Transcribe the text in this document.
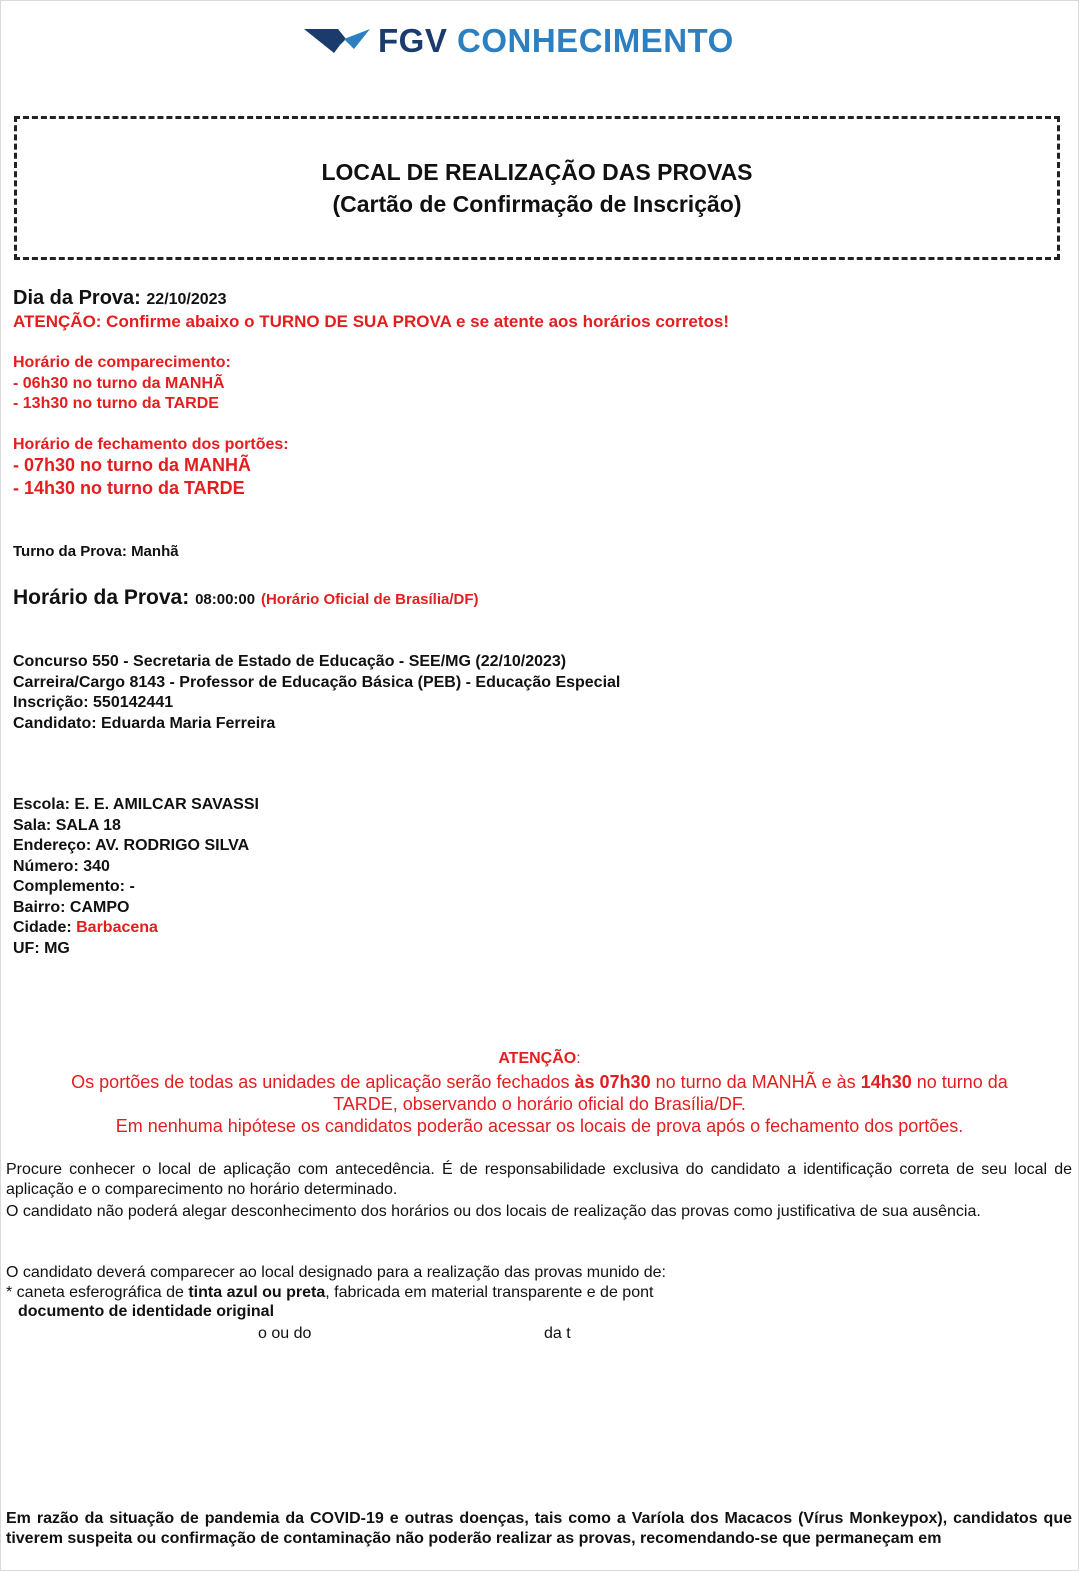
FGV CONHECIMENTO
LOCAL DE REALIZAÇÃO DAS PROVAS
(Cartão de Confirmação de Inscrição)
Dia da Prova: 22/10/2023
ATENÇÃO: Confirme abaixo o TURNO DE SUA PROVA e se atente aos horários corretos!
Horário de comparecimento:
- 06h30 no turno da MANHÃ
- 13h30 no turno da TARDE
Horário de fechamento dos portões:
- 07h30 no turno da MANHÃ
- 14h30 no turno da TARDE
Turno da Prova: Manhã
Horário da Prova: 08:00:00 (Horário Oficial de Brasília/DF)
Concurso 550 - Secretaria de Estado de Educação - SEE/MG (22/10/2023)
Carreira/Cargo 8143 - Professor de Educação Básica (PEB) - Educação Especial
Inscrição: 550142441
Candidato: Eduarda Maria Ferreira
Escola: E. E. AMILCAR SAVASSI
Sala: SALA 18
Endereço: AV. RODRIGO SILVA
Número: 340
Complemento: -
Bairro: CAMPO
Cidade: Barbacena
UF: MG
ATENÇÃO:
Os portões de todas as unidades de aplicação serão fechados às 07h30 no turno da MANHÃ e às 14h30 no turno da
TARDE, observando o horário oficial do Brasília/DF.
Em nenhuma hipótese os candidatos poderão acessar os locais de prova após o fechamento dos portões.
Procure conhecer o local de aplicação com antecedência. É de responsabilidade exclusiva do candidato a identificação correta de seu local de aplicação e o comparecimento no horário determinado.
O candidato não poderá alegar desconhecimento dos horários ou dos locais de realização das provas como justificativa de sua ausência.
O candidato deverá comparecer ao local designado para a realização das provas munido de:
* caneta esferográfica de tinta azul ou preta, fabricada em material transparente e de pont
documento de identidade original
o ou do	da t
Em razão da situação de pandemia da COVID-19 e outras doenças, tais como a Varíola dos Macacos (Vírus Monkeypox), candidatos que tiverem suspeita ou confirmação de contaminação não poderão realizar as provas, recomendando-se que permaneçam em
